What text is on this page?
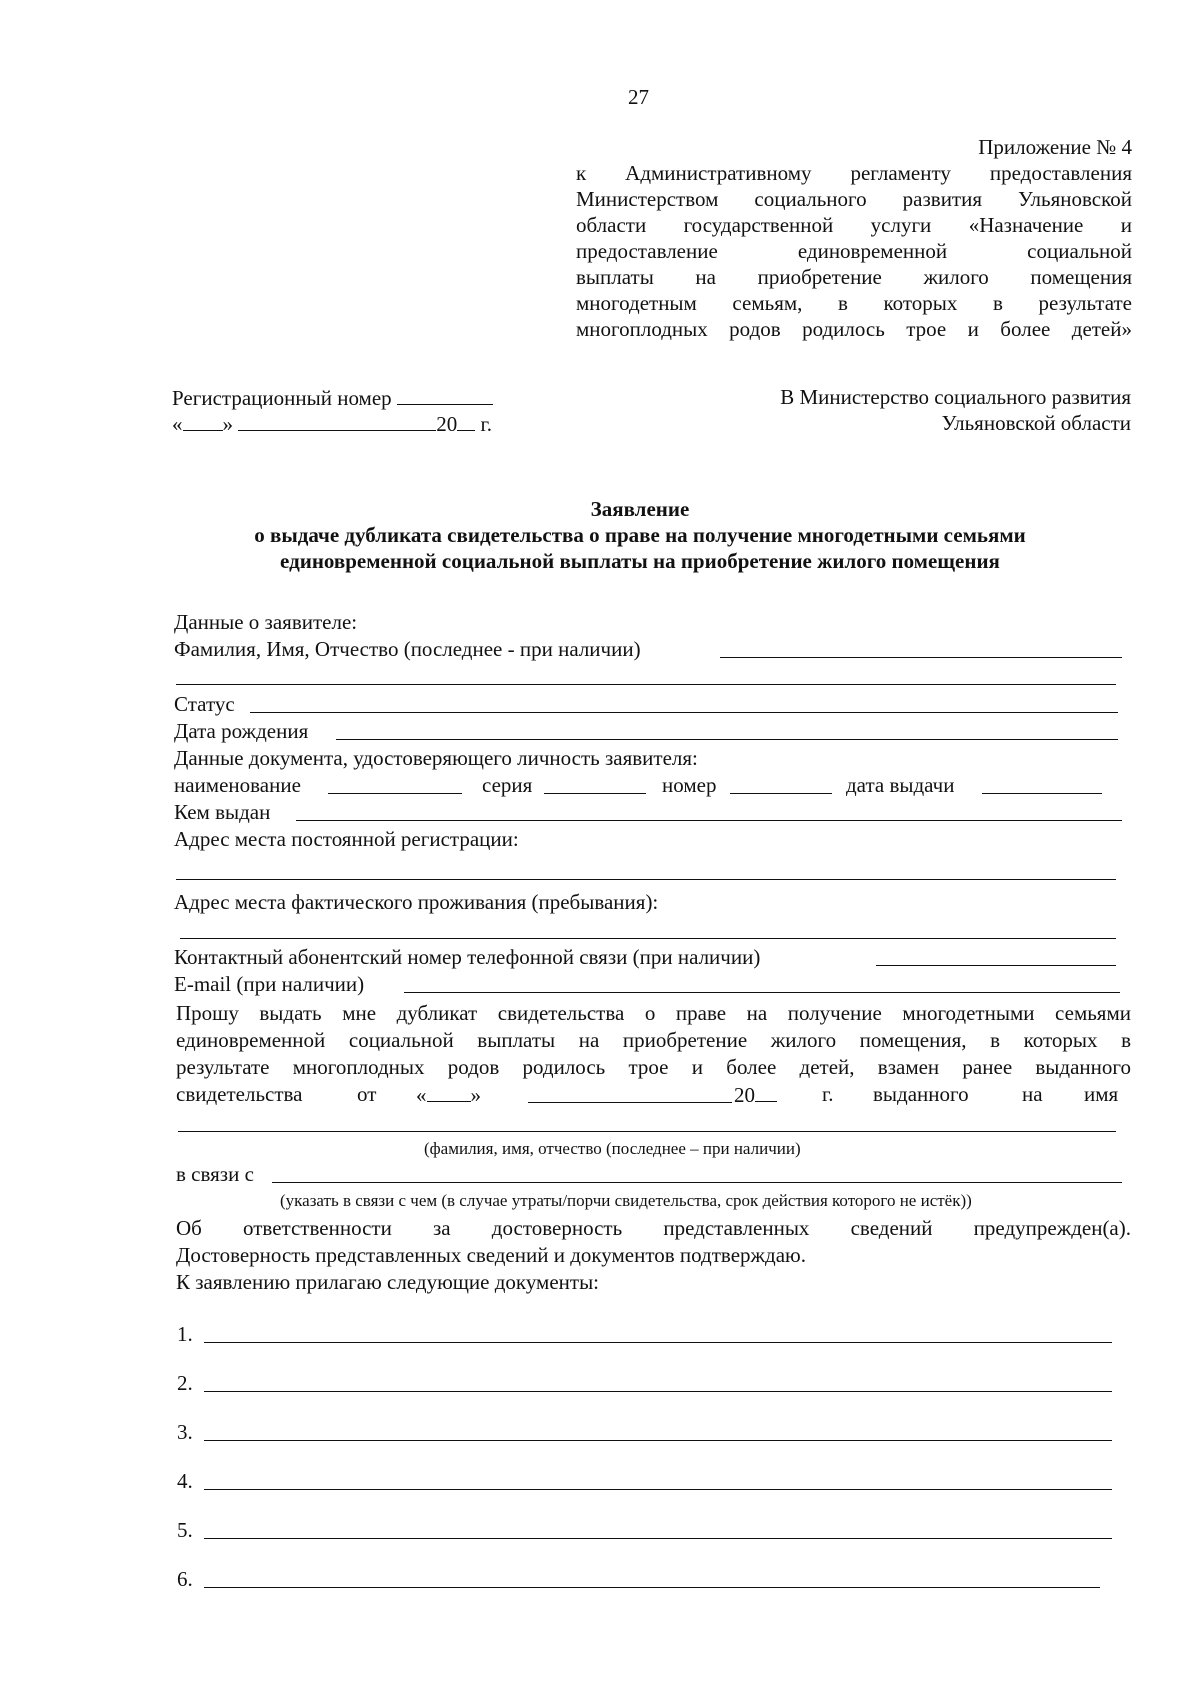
27
Приложение № 4
к Административному регламенту предоставления
Министерством социального развития Ульяновской
области государственной услуги «Назначение и
предоставление единовременной социальной
выплаты на приобретение жилого помещения
многодетным семьям, в которых в результате
многоплодных родов родилось трое и более детей»
Регистрационный номер
« »	20 г.
В Министерство социального развития
Ульяновской области
Заявление
о выдаче дубликата свидетельства о праве на получение многодетными семьями
единовременной социальной выплаты на приобретение жилого помещения
Данные о заявителе:
Фамилия, Имя, Отчество (последнее - при наличии)
Статус
Дата рождения
Данные документа, удостоверяющего личность заявителя:
наименование	серия	номер	дата выдачи
Кем выдан
Адрес места постоянной регистрации:
Адрес места фактического проживания (пребывания):
Контактный абонентский номер телефонной связи (при наличии)
E-mail (при наличии)
Прошу выдать мне дубликат свидетельства о праве на получение многодетными семьями
единовременной социальной выплаты на приобретение жилого помещения, в которых в
результате многоплодных родов родилось трое и более детей, взамен ранее выданного
свидетельства	от « »	20	г. выданного	на имя
(фамилия, имя, отчество (последнее – при наличии)
в связи с
(указать в связи с чем (в случае утраты/порчи свидетельства, срок действия которого не истёк))
Об ответственности за достоверность представленных сведений предупрежден(а).
Достоверность представленных сведений и документов подтверждаю.
К заявлению прилагаю следующие документы:
1.
2.
3.
4.
5.
6.
